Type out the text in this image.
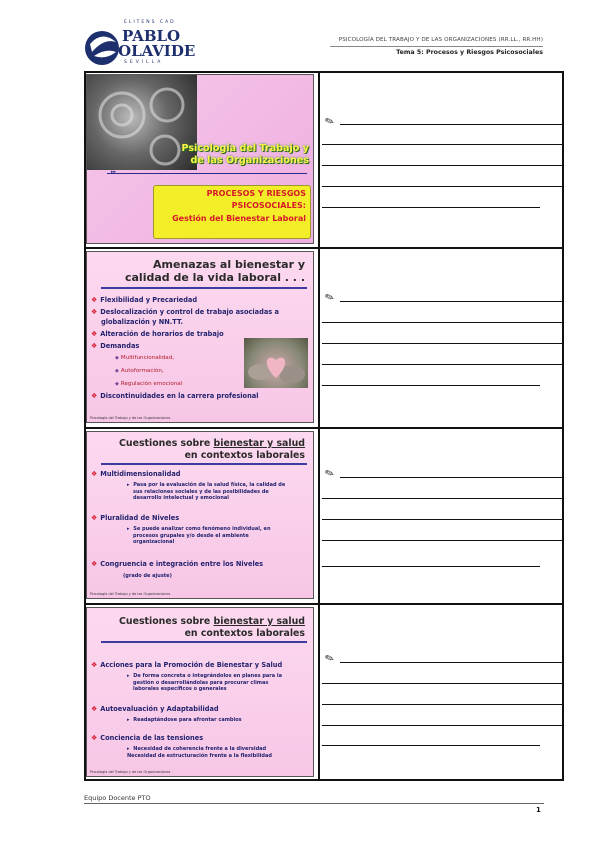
ELITENS CAD
PABLO
OLAVIDE
SEVILLA
PSICOLOGÍA DEL TRABAJO Y DE LAS ORGANIZACIONES (RR.LL., RR.HH)
Tema 5: Procesos y Riesgos Psicosociales
Psicología del Trabajo y
de las Organizaciones
▸▸
PROCESOS Y RIESGOS
PSICOSOCIALES:
Gestión del Bienestar Laboral
Amenazas al bienestar y
calidad de la vida laboral . . .
❖ Flexibilidad y Precariedad
❖ Deslocalización y control de trabajo asociadas a
globalización y NN.TT.
❖ Alteración de horarios de trabajo
❖ Demandas
◆ Multifuncionalidad,
◆ Autoformación,
◆ Regulación emocional
❖ Discontinuidades en la carrera profesional
Psicología del Trabajo y de las Organizaciones
Cuestiones sobre bienestar y salud
en contextos laborales
❖ Multidimensionalidad
▸ Pasa por la evaluación de la salud física, la calidad de
sus relaciones sociales y de las posibilidades de
desarrollo intelectual y emocional
❖ Pluralidad de Niveles
▸ Se puede analizar como fenómeno individual, en
procesos grupales y/o desde el ambiente
organizacional
❖ Congruencia e integración entre los Niveles
(grado de ajuste)
Psicología del Trabajo y de las Organizaciones
Cuestiones sobre bienestar y salud
en contextos laborales
❖ Acciones para la Promoción de Bienestar y Salud
▸ De forma concreta o integrándolos en planes para la
gestión o desarrollándolas para procurar climas
laborales específicos o generales
❖ Autoevaluación y Adaptabilidad
▸ Readaptándose para afrontar cambios
❖ Conciencia de las tensiones
▸ Necesidad de coherencia frente a la diversidad
Necesidad de estructuración frente a la flexibilidad
Psicología del Trabajo y de las Organizaciones
✎
✎
✎
✎
Equipo Docente PTO
1
